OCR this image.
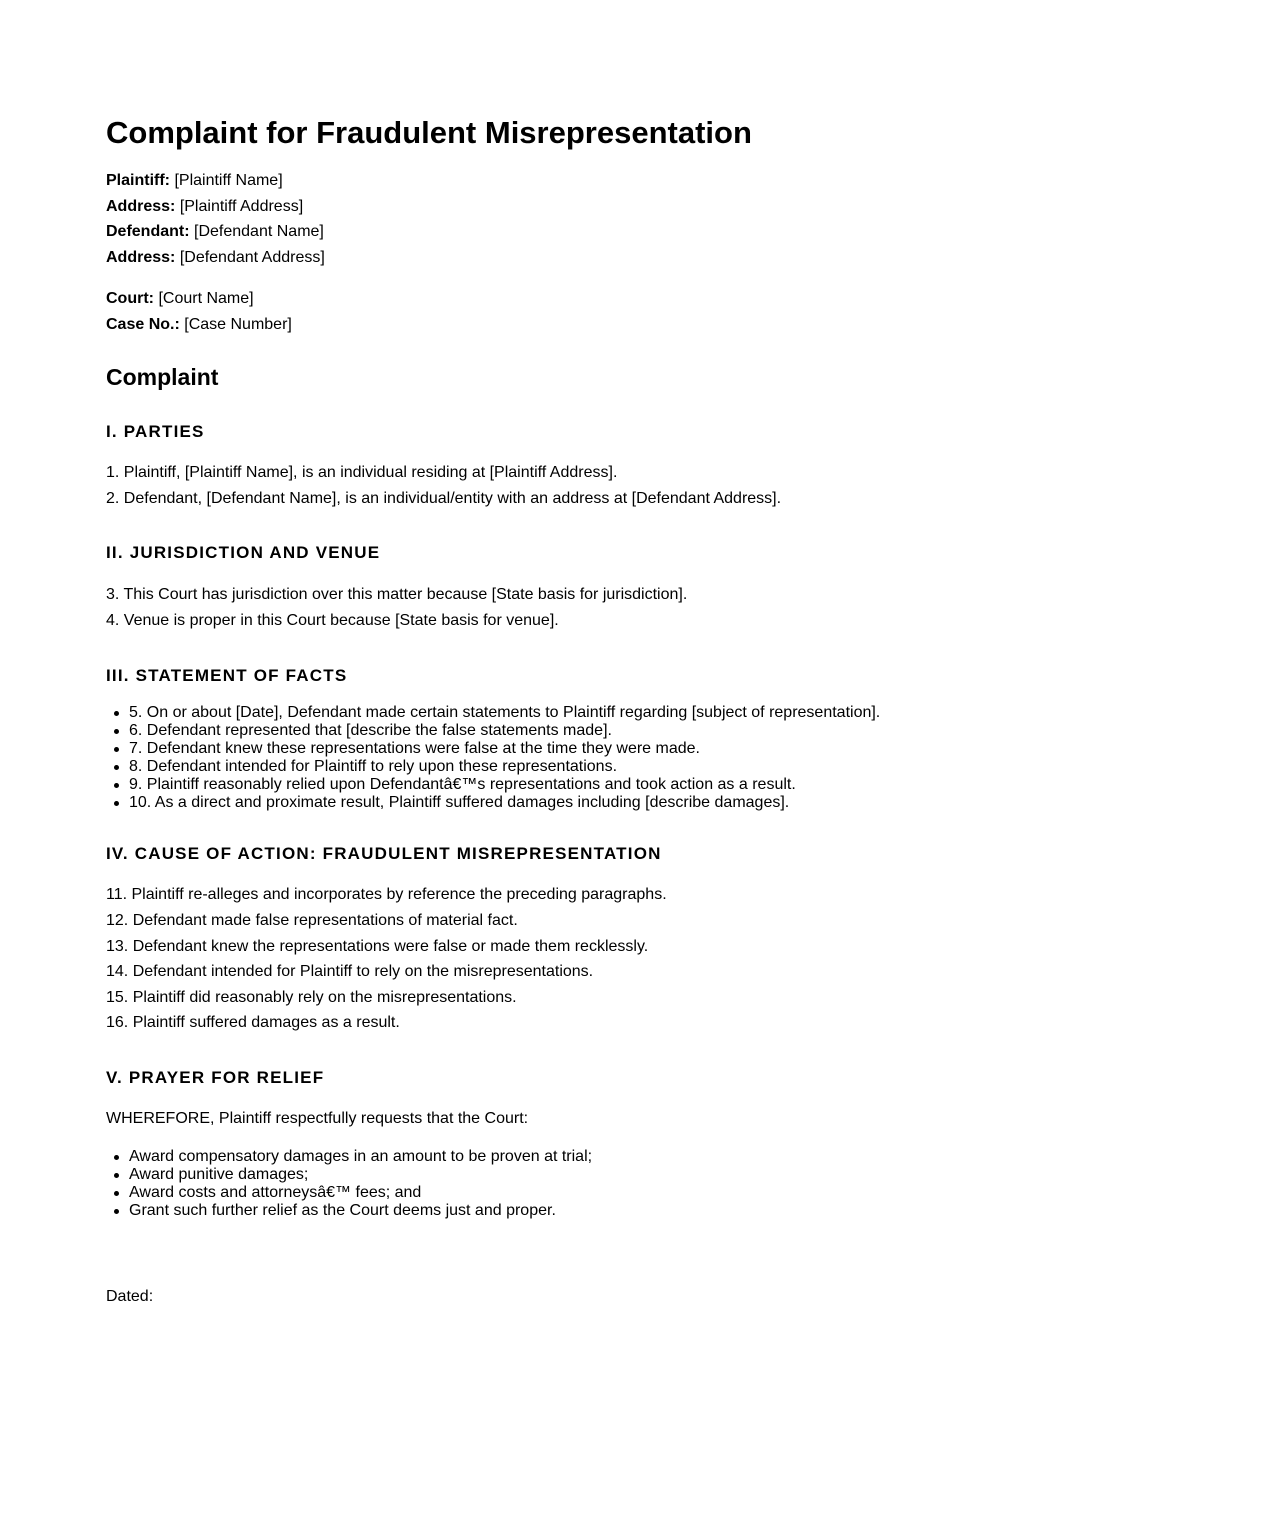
Complaint for Fraudulent Misrepresentation
Plaintiff: [Plaintiff Name]
Address: [Plaintiff Address]
Defendant: [Defendant Name]
Address: [Defendant Address]
Court: [Court Name]
Case No.: [Case Number]
Complaint
I. PARTIES
1. Plaintiff, [Plaintiff Name], is an individual residing at [Plaintiff Address].
2. Defendant, [Defendant Name], is an individual/entity with an address at [Defendant Address].
II. JURISDICTION AND VENUE
3. This Court has jurisdiction over this matter because [State basis for jurisdiction].
4. Venue is proper in this Court because [State basis for venue].
III. STATEMENT OF FACTS
5. On or about [Date], Defendant made certain statements to Plaintiff regarding [subject of representation].
6. Defendant represented that [describe the false statements made].
7. Defendant knew these representations were false at the time they were made.
8. Defendant intended for Plaintiff to rely upon these representations.
9. Plaintiff reasonably relied upon Defendantâ€™s representations and took action as a result.
10. As a direct and proximate result, Plaintiff suffered damages including [describe damages].
IV. CAUSE OF ACTION: FRAUDULENT MISREPRESENTATION
11. Plaintiff re-alleges and incorporates by reference the preceding paragraphs.
12. Defendant made false representations of material fact.
13. Defendant knew the representations were false or made them recklessly.
14. Defendant intended for Plaintiff to rely on the misrepresentations.
15. Plaintiff did reasonably rely on the misrepresentations.
16. Plaintiff suffered damages as a result.
V. PRAYER FOR RELIEF
WHEREFORE, Plaintiff respectfully requests that the Court:
Award compensatory damages in an amount to be proven at trial;
Award punitive damages;
Award costs and attorneysâ€™ fees; and
Grant such further relief as the Court deems just and proper.
Dated:
